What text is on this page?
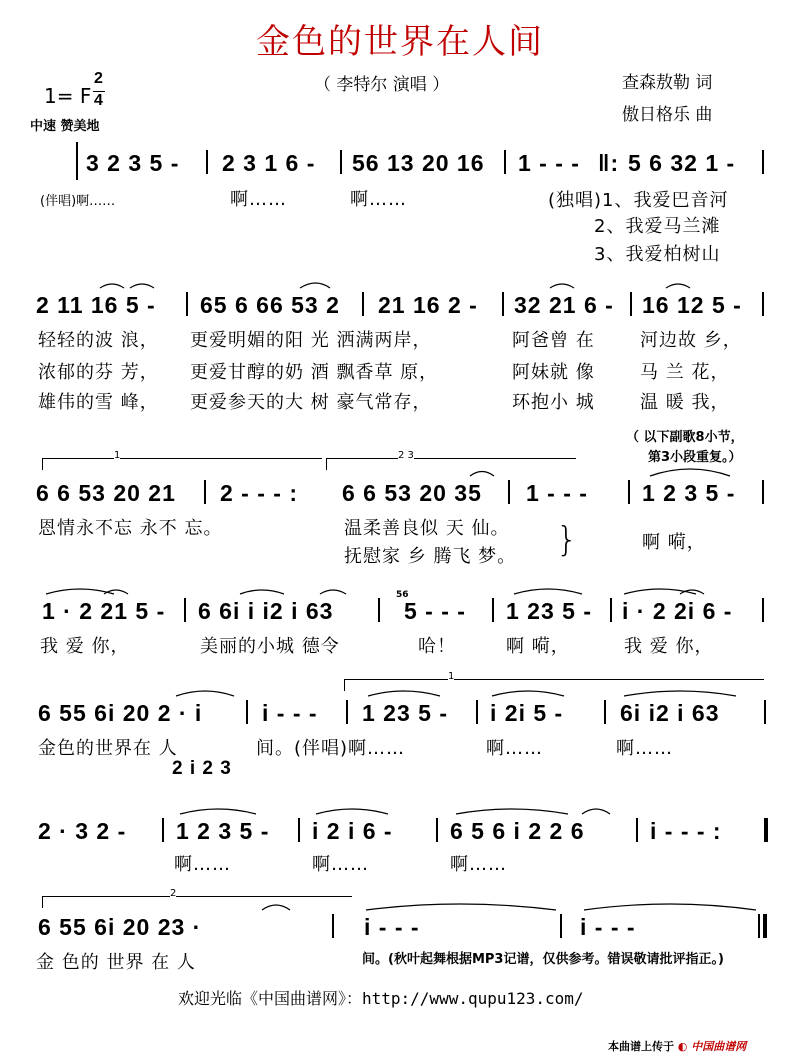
金色的世界在人间
（ 李特尔 演唱 ）
1= F
2
4
中速 赞美地
查森敖勒 词
傲日格乐 曲
3 2 3 5 - 2 3 1 6 - 56 13 20 16 1 - - - ‖: 5 6 32 1 -
(伴唱)啊……	啊……	啊……	(独唱)1、我爱巴音河
2、我爱马兰滩
3、我爱柏树山
2 11 16 5 - 65 6 66 53 2 21 16 2 - 32 21 6 - 16 12 5 -
轻轻的波 浪， 更爱明媚的阳 光 洒满两岸，	阿爸曾 在	河边故 乡，
浓郁的芬 芳， 更爱甘醇的奶 酒 飘香草 原，	阿妹就 像	马 兰 花，
雄伟的雪 峰， 更爱参天的大 树 豪气常存，	环抱小 城	温 暖 我，
（ 以下副歌8小节，
第3小段重复。）
1	2 3
6 6 53 20 21 2 - - - : 6 6 53 20 35 1 - - - 1 2 3 5 -
恩情永不忘 永不 忘。	温柔善良似 天 仙。
抚慰家 乡 腾飞 梦。 }	啊 嗬，
1 · 2 21 5 - 6 6i i i2 i 63
56
5 - - - 1 23 5 - i · 2 2i 6 -
我 爱 你，	美丽的小城 德令	哈！	啊 嗬，	我 爱 你，
1
6 55 6i 20 2 · i	i - - - 1 23 5 - i 2i 5 - 6i i2 i 63
金色的世界在 人	间。(伴唱)啊……	啊……	啊……
2 i 2 3
2 · 3 2 - 1 2 3 5 - i 2 i 6 - 6 5 6 i 2 2 6	i - - - :
啊……	啊……	啊……
2
6 55 6i 20 23 ·	i - - -	i - - -
金 色的 世界 在 人	间。(秋叶起舞根据MP3记谱，仅供参考。错误敬请批评指正。)
欢迎光临《中国曲谱网》：http://www.qupu123.com/
本曲谱上传于 ◐ 中国曲谱网
